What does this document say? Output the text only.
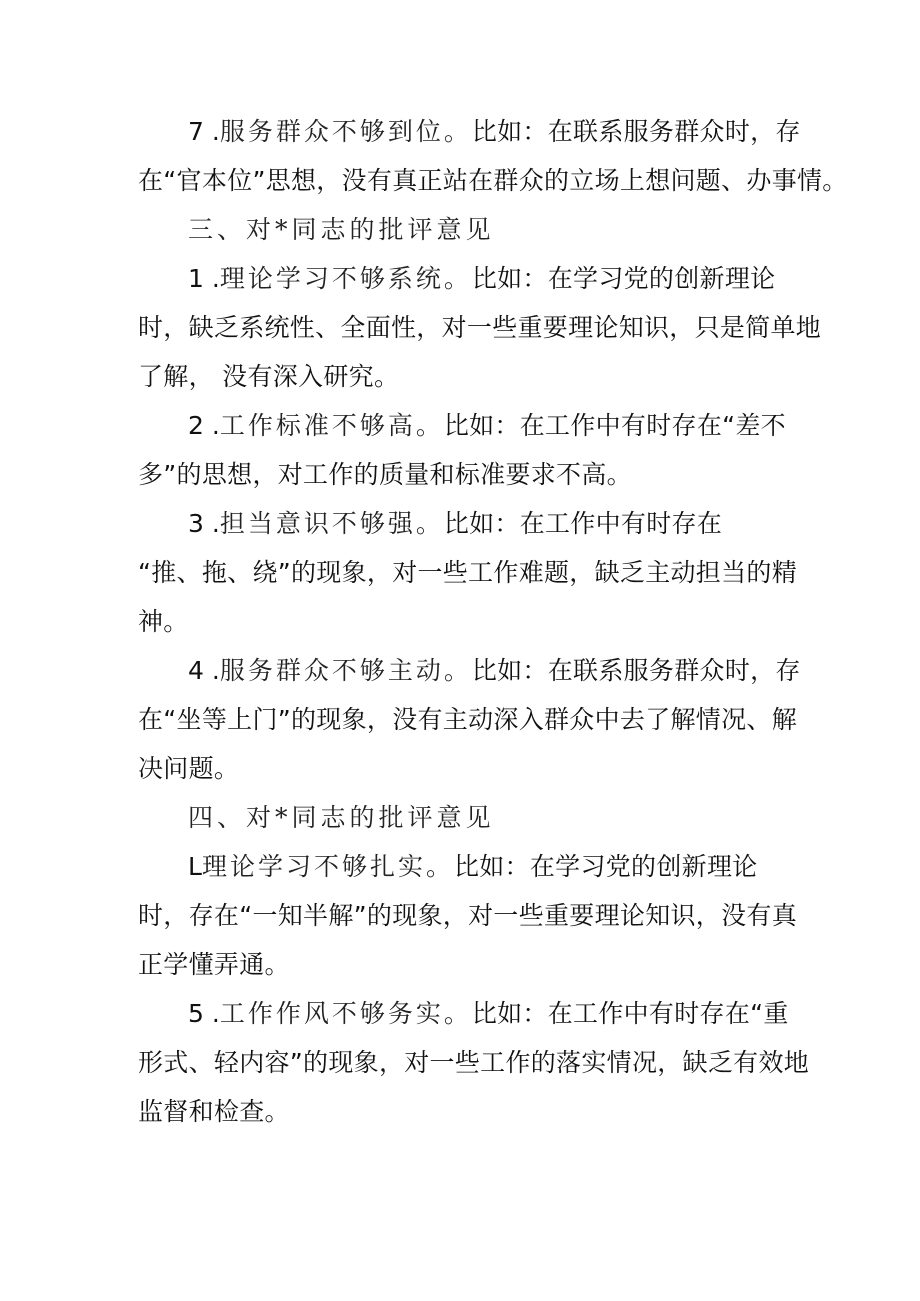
7 .服务群众不够到位。比如：在联系服务群众时，存
在“官本位”思想，没有真正站在群众的立场上想问题、办事情。
三、对*同志的批评意见
1 .理论学习不够系统。比如：在学习党的创新理论
时，缺乏系统性、全面性，对一些重要理论知识，只是简单地
了解， 没有深入研究。
2 .工作标准不够高。比如：在工作中有时存在“差不
多”的思想，对工作的质量和标准要求不高。
3 .担当意识不够强。比如：在工作中有时存在
“推、拖、绕”的现象，对一些工作难题，缺乏主动担当的精
神。
4 .服务群众不够主动。比如：在联系服务群众时，存
在“坐等上门”的现象，没有主动深入群众中去了解情况、解
决问题。
四、对*同志的批评意见
L理论学习不够扎实。比如：在学习党的创新理论
时，存在“一知半解”的现象，对一些重要理论知识，没有真
正学懂弄通。
5 .工作作风不够务实。比如：在工作中有时存在“重
形式、轻内容”的现象，对一些工作的落实情况，缺乏有效地
监督和检查。
